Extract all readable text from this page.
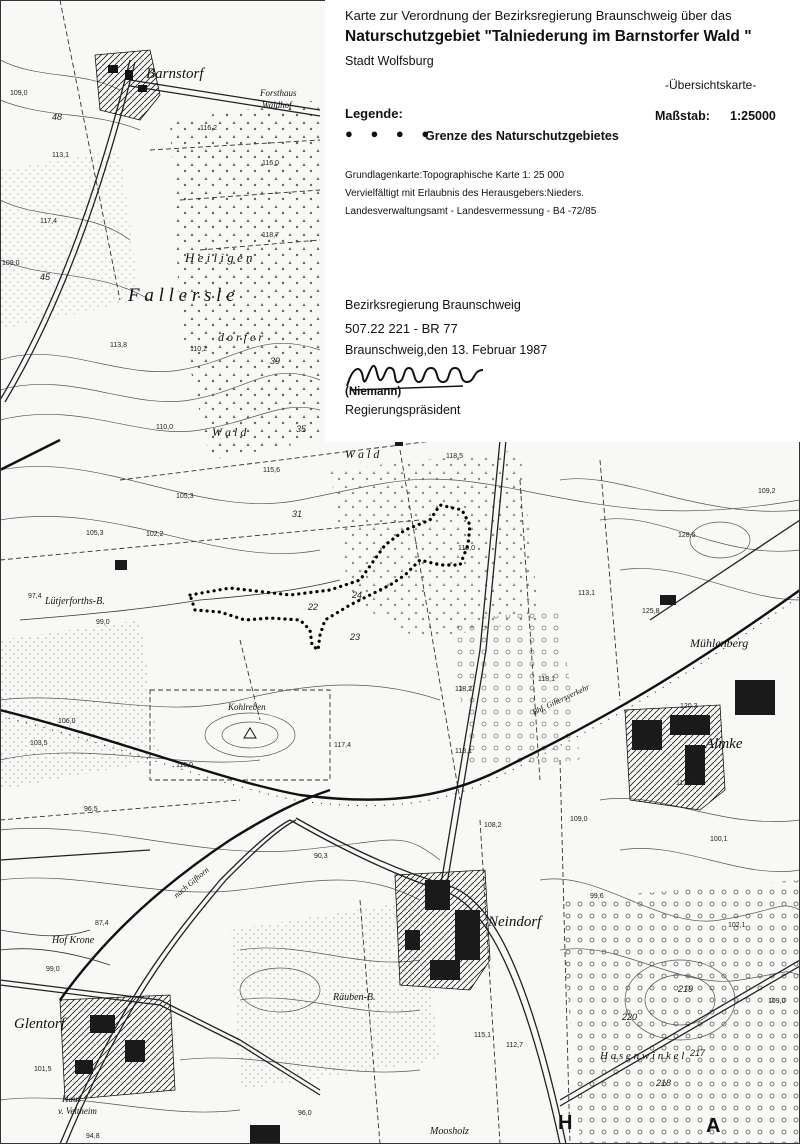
Barnstorf
Forsthaus
Waldhof
H e i l i g e n
F a l l e r s l e
d o r f e r
W a l d
W a l d
Lütjerforths-B.
Mühlenberg
Almke
Neindorf
Glentorf
Hof Krone
Räuben-B.
Moosholz
Haus
v. Veltheim
Kohlreben
nach Gifhorn
Bhf. Giltersverkehr
H a s e n w i n k e l
109,0
116,2
113,1
117,4
118,7
116,0
109,0
113,8
110,2
110,0
115,6
105,3
105,3	102,2
97,4
99,0
106,0
103,5
113,0
117,4
118,2
113,1
108,2
109,0
110,0
96,5
90,3
87,4
99,0
101,5
94,8
96,0
115,1
112,7
109,2
99,6
102,1
109,0
118,5
125,8
128,5
120,3
113,3
118,1
113,1
100,1
22
24
23
31
39
35
48
45
219
220
217
218
H	A
Karte zur Verordnung der Bezirksregierung Braunschweig über das
Naturschutzgebiet "Talniederung im Barnstorfer Wald "
Stadt Wolfsburg
-Übersichtskarte-
Legende:	Maßstab: 1:25000
● ● ● ●
Grenze des Naturschutzgebietes
Grundlagenkarte:Topographische Karte 1: 25 000
Vervielfältigt mit Erlaubnis des Herausgebers:Nieders.
Landesverwaltungsamt - Landesvermessung - B4 -72/85
Bezirksregierung Braunschweig
507.22 221 - BR 77
Braunschweig,den 13. Februar 1987
(Niemann)
Regierungspräsident
